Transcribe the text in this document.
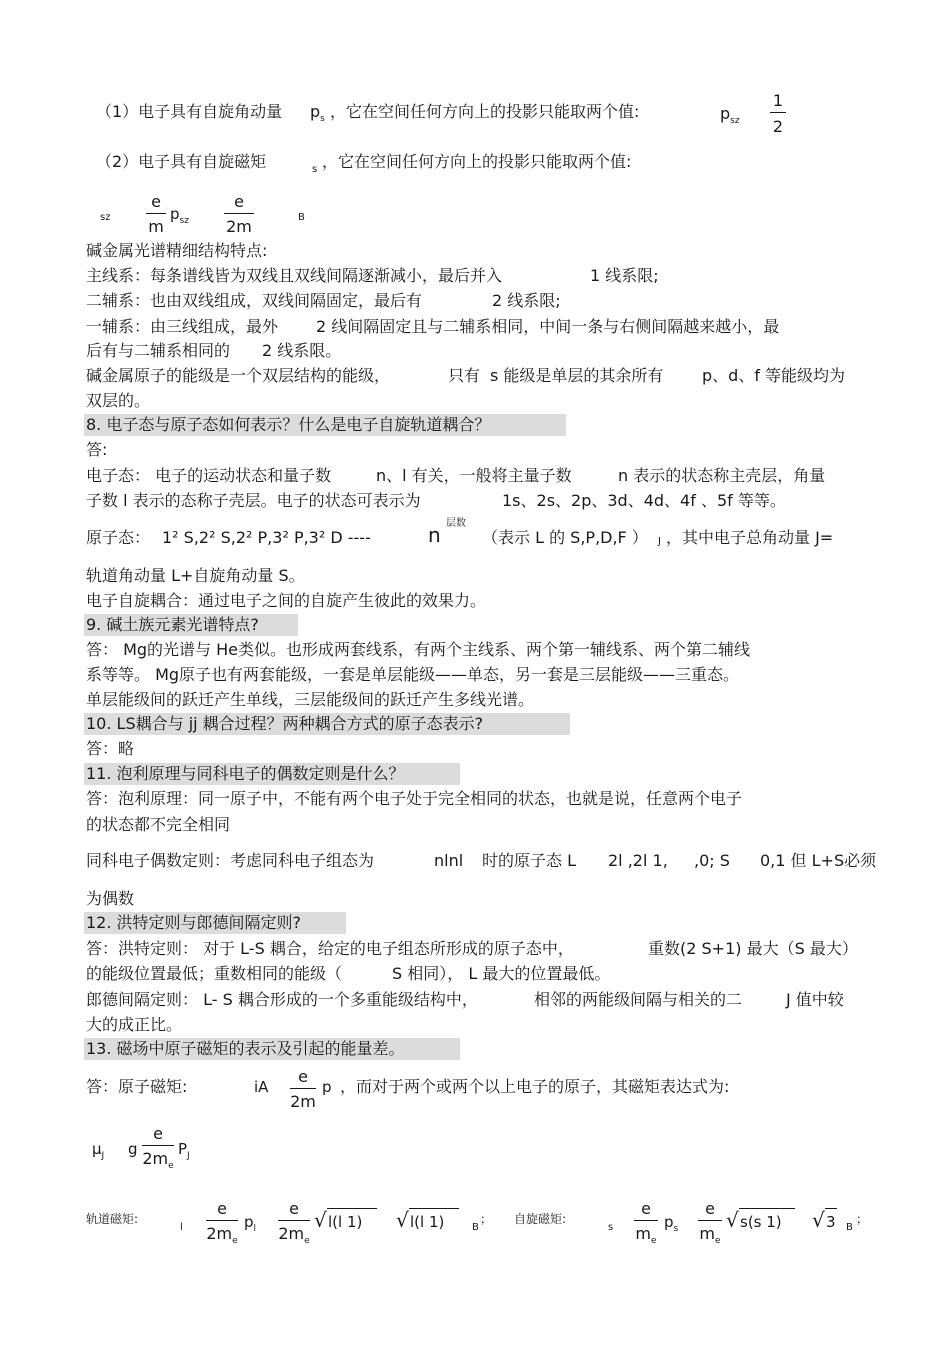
（1）电子具有自旋角动量 $p_s$ ，它在空间任何方向上的投影只能取两个值:	$p_{sz}$
1
2
（2）电子具有自旋磁矩	s ，它在空间任何方向上的投影只能取两个值:
sz
e
m
$p_{sz}$
e
2m	B
碱金属光谱精细结构特点:
主线系：每条谱线皆为双线且双线间隔逐渐减小，最后并入	1 线系限;
二辅系：也由双线组成，双线间隔固定，最后有	2 线系限;
一辅系：由三线组成，最外 2 线间隔固定且与二辅系相同，中间一条与右侧间隔越来越小，最
后有与二辅系相同的 2 线系限。
碱金属原子的能级是一个双层结构的能级，	只有 s 能级是单层的其余所有 p、d、f 等能级均为
双层的。
8. 电子态与原子态如何表示？什么是电子自旋轨道耦合？
答:
电子态： 电子的运动状态和量子数	n、l 有关，一般将主量子数	n 表示的状态称主壳层，角量
子数 l 表示的态称子壳层。电子的状态可表示为	1s、2s、2p、3d、4d、4f 、5f 等等。
原子态： 1² S,2² S,2² P,3² P,3² D ----	n 层数
（表示 L 的 S,P,D,F ） J ，其中电子总角动量 J=
轨道角动量 L+自旋角动量 S。
电子自旋耦合：通过电子之间的自旋产生彼此的效果力。
9. 碱土族元素光谱特点?
答： Mg的光谱与 He类似。也形成两套线系，有两个主线系、两个第一辅线系、两个第二辅线
系等等。 Mg原子也有两套能级，一套是单层能级——单态，另一套是三层能级——三重态。
单层能级间的跃迁产生单线，三层能级间的跃迁产生多线光谱。
10. LS耦合与 jj 耦合过程？两种耦合方式的原子态表示?
答：略
11. 泡利原理与同科电子的偶数定则是什么？
答：泡利原理：同一原子中，不能有两个电子处于完全相同的状态，也就是说，任意两个电子
的状态都不完全相同
同科电子偶数定则：考虑同科电子组态为	nlnl 时的原子态 L 2l ,2l 1, ,0; S 0,1 但 L+S必须
为偶数
12. 洪特定则与郎德间隔定则?
答：洪特定则： 对于 L-S 耦合，给定的电子组态所形成的原子态中，	重数(2 S+1) 最大（S 最大）
的能级位置最低；重数相同的能级（	S 相同）， L 最大的位置最低。
郎德间隔定则： L- S 耦合形成的一个多重能级结构中，	相邻的两能级间隔与相关的二	J 值中较
大的成正比。
13. 磁场中原子磁矩的表示及引起的能量差。
答：原子磁矩:	iA
e
2m
p ，而对于两个或两个以上电子的原子，其磁矩表达式为:
$\mu_J$ g
e
$2m_e$
$P_J$
轨道磁矩:
l
e
$2m_e$
$p_l$
e
$2m_e$
√ l(l 1) √ l(l 1)	B
； 自旋磁矩:
s
e
$m_e$
$p_s$
e
$m_e$
√ s(s 1) √ 3 B
；
